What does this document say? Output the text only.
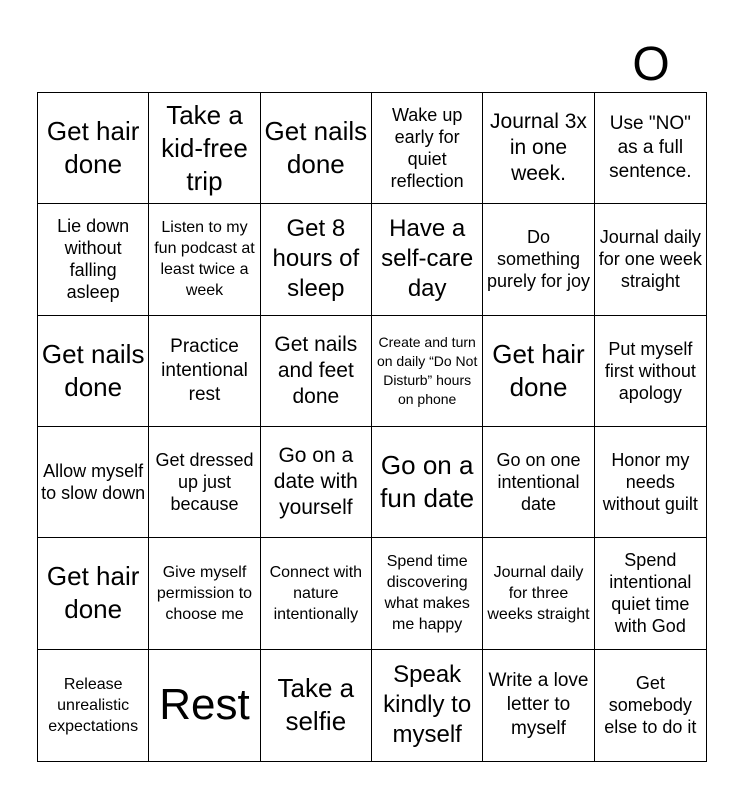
O
Get hair done
Take a kid-free trip
Get nails done
Wake up early for quiet reflection
Journal 3x in one week.
Use "NO" as a full sentence.
Lie down without falling asleep
Listen to my fun podcast at least twice a week
Get 8 hours of sleep
Have a self-care day
Do something purely for joy
Journal daily for one week straight
Get nails done
Practice intentional rest
Get nails and feet done
Create and turn on daily “Do Not Disturb” hours on phone
Get hair done
Put myself first without apology
Allow myself to slow down
Get dressed up just because
Go on a date with yourself
Go on a fun date
Go on one intentional date
Honor my needs without guilt
Get hair done
Give myself permission to choose me
Connect with nature intentionally
Spend time discovering what makes me happy
Journal daily for three weeks straight
Spend intentional quiet time with God
Release unrealistic expectations Rest	Take a selfie
Speak kindly to myself
Write a love letter to myself
Get somebody else to do it
